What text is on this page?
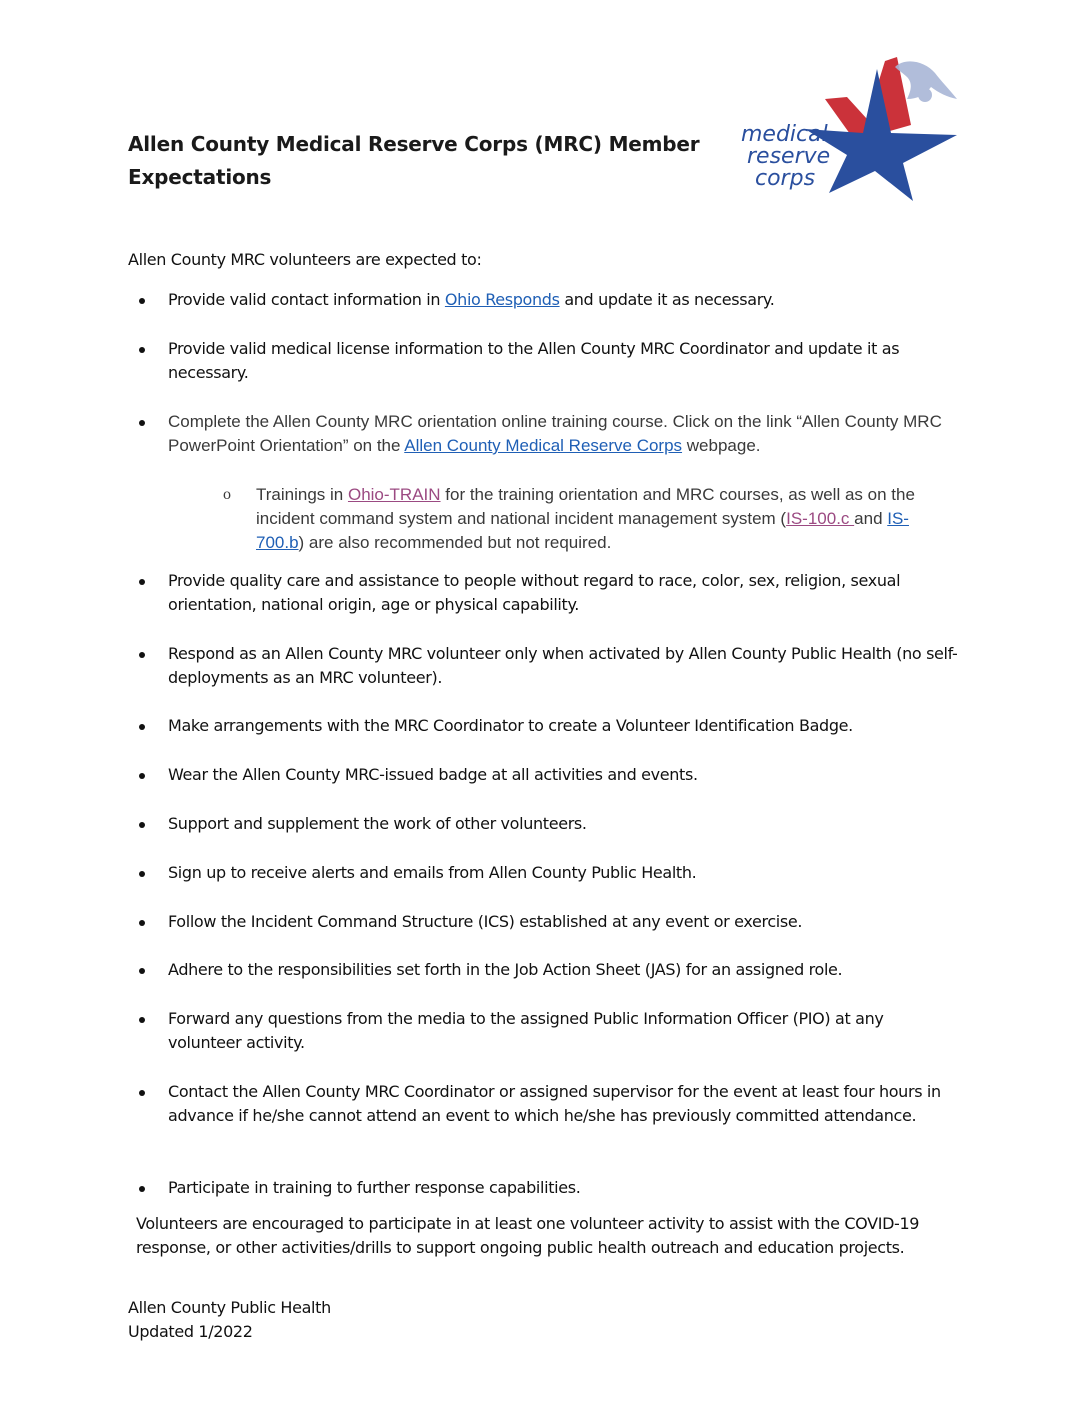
Allen County Medical Reserve Corps (MRC) Member Expectations
medical
reserve
corps
Allen County MRC volunteers are expected to:
Provide valid contact information in Ohio Responds and update it as necessary.
Provide valid medical license information to the Allen County MRC Coordinator and update it as necessary.
Complete the Allen County MRC orientation online training course. Click on the link “Allen County MRC PowerPoint Orientation” on the Allen County Medical Reserve Corps webpage.
o Trainings in Ohio-TRAIN for the training orientation and MRC courses, as well as on the incident command system and national incident management system (IS-100.c and IS-700.b) are also recommended but not required.
Provide quality care and assistance to people without regard to race, color, sex, religion, sexual orientation, national origin, age or physical capability.
Respond as an Allen County MRC volunteer only when activated by Allen County Public Health (no self-deployments as an MRC volunteer).
Make arrangements with the MRC Coordinator to create a Volunteer Identification Badge.
Wear the Allen County MRC-issued badge at all activities and events.
Support and supplement the work of other volunteers.
Sign up to receive alerts and emails from Allen County Public Health.
Follow the Incident Command Structure (ICS) established at any event or exercise.
Adhere to the responsibilities set forth in the Job Action Sheet (JAS) for an assigned role.
Forward any questions from the media to the assigned Public Information Officer (PIO) at any volunteer activity.
Contact the Allen County MRC Coordinator or assigned supervisor for the event at least four hours in advance if he/she cannot attend an event to which he/she has previously committed attendance.
Participate in training to further response capabilities.
Volunteers are encouraged to participate in at least one volunteer activity to assist with the COVID-19 response, or other activities/drills to support ongoing public health outreach and education projects.
Allen County Public Health
Updated 1/2022
